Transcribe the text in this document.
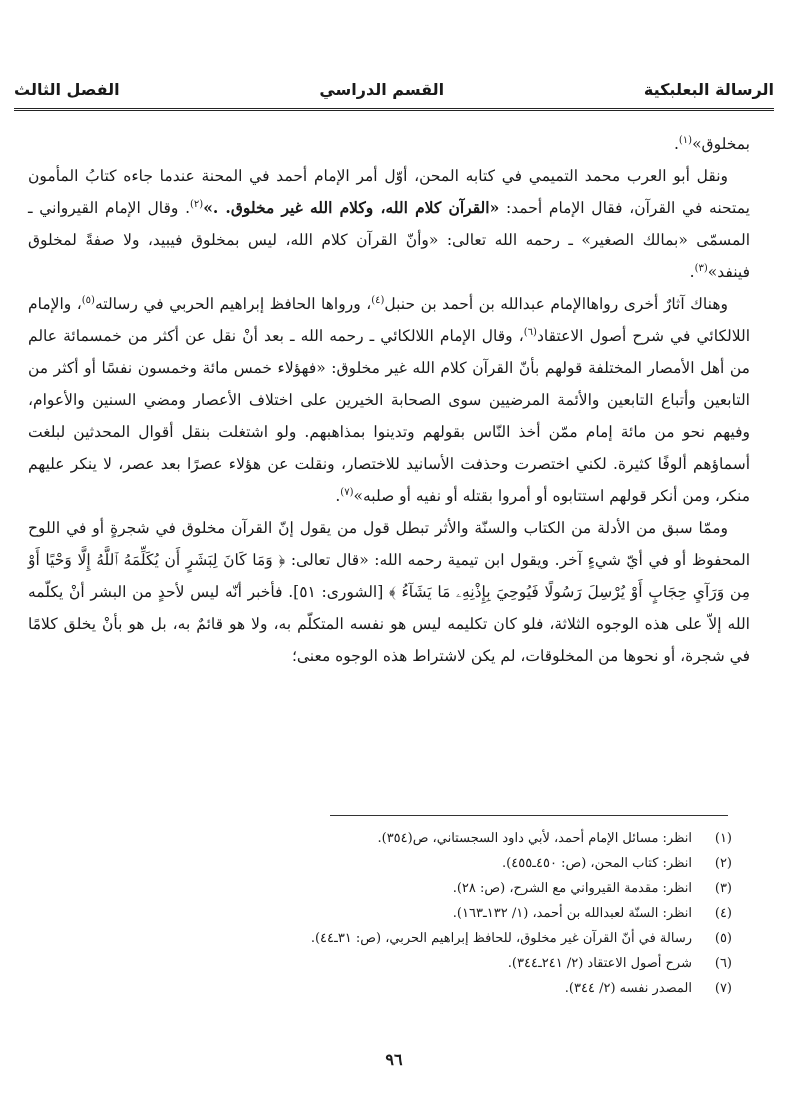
الرسالة البعلبكية
القسم الدراسي
الفصل الثالث

بمخلوق»$^{(١)}$.

ونقل أبو العرب محمد التميمي في كتابه المحن، أوّل أمر الإمام أحمد في المحنة عندما جاءه كتابُ المأمون يمتحنه في القرآن، فقال الإمام أحمد: «القرآن كلام الله، وكلام الله غير مخلوق. .»$^{(٢)}$. وقال الإمام القيرواني ـ المسمّى «بمالك الصغير» ـ رحمه الله تعالى: «وأنّ القرآن كلام الله، ليس بمخلوق فيبيد، ولا صفةً لمخلوق فينفد»$^{(٣)}$.

وهناك آثارٌ أخرى رواهاالإمام عبدالله بن أحمد بن حنبل$^{(٤)}$، ورواها الحافظ إبراهيم الحربي في رسالته$^{(٥)}$، والإمام اللالكائي في شرح أصول الاعتقاد$^{(٦)}$، وقال الإمام اللالكائي ـ رحمه الله ـ بعد أنْ نقل عن أكثر من خمسمائة عالم من أهل الأمصار المختلفة قولهم بأنّ القرآن كلام الله غير مخلوق: «فهؤلاء خمس مائة وخمسون نفسًا أو أكثر من التابعين وأتباع التابعين والأئمة المرضيين سوى الصحابة الخيرين على اختلاف الأعصار ومضي السنين والأعوام، وفيهم نحو من مائة إمام ممّن أخذ النّاس بقولهم وتدينوا بمذاهبهم. ولو اشتغلت بنقل أقوال المحدثين لبلغت أسماؤهم ألوفًا كثيرة. لكني اختصرت وحذفت الأسانيد للاختصار، ونقلت عن هؤلاء عصرًا بعد عصر، لا ينكر عليهم منكر، ومن أنكر قولهم استتابوه أو أمروا بقتله أو نفيه أو صلبه»$^{(٧)}$.

وممّا سبق من الأدلة من الكتاب والسنّة والأثر تبطل قول من يقول إنّ القرآن مخلوق في شجرةٍ أو في اللوح المحفوظ أو في أيّ شيءٍ آخر. ويقول ابن تيمية رحمه الله: «قال تعالى: ﴿ وَمَا كَانَ لِبَشَرٍ أَن يُكَلِّمَهُ ٱللَّهُ إِلَّا وَحْيًا أَوْ مِن وَرَآيِ حِجَابٍ أَوْ يُرْسِلَ رَسُولًا فَيُوحِيَ بِإِذْنِهِۦ مَا يَشَآءُ ﴾ [الشورى: ٥١]. فأخبر أنّه ليس لأحدٍ من البشر أنْ يكلّمه الله إلاّ على هذه الوجوه الثلاثة، فلو كان تكليمه ليس هو نفسه المتكلّم به، ولا هو قائمٌ به، بل هو بأنْ يخلق كلامًا في شجرة، أو نحوها من المخلوقات، لم يكن لاشتراط هذه الوجوه معنى؛

(١)
انظر: مسائل الإمام أحمد، لأبي داود السجستاني، ص(٣٥٤).
(٢)
انظر: كتاب المحن، (ص: ٤٥٠ـ٤٥٥).
(٣)
انظر: مقدمة القيرواني مع الشرح، (ص: ٢٨).
(٤)
انظر: السنّة لعبدالله بن أحمد، (١/ ١٣٢ـ١٦٣).
(٥)
رسالة في أنّ القرآن غير مخلوق، للحافظ إبراهيم الحربي، (ص: ٣١ـ٤٤).
(٦)
شرح أصول الاعتقاد (٢/ ٢٤١ـ٣٤٤).
(٧)
المصدر نفسه (٢/ ٣٤٤).
٩٦
